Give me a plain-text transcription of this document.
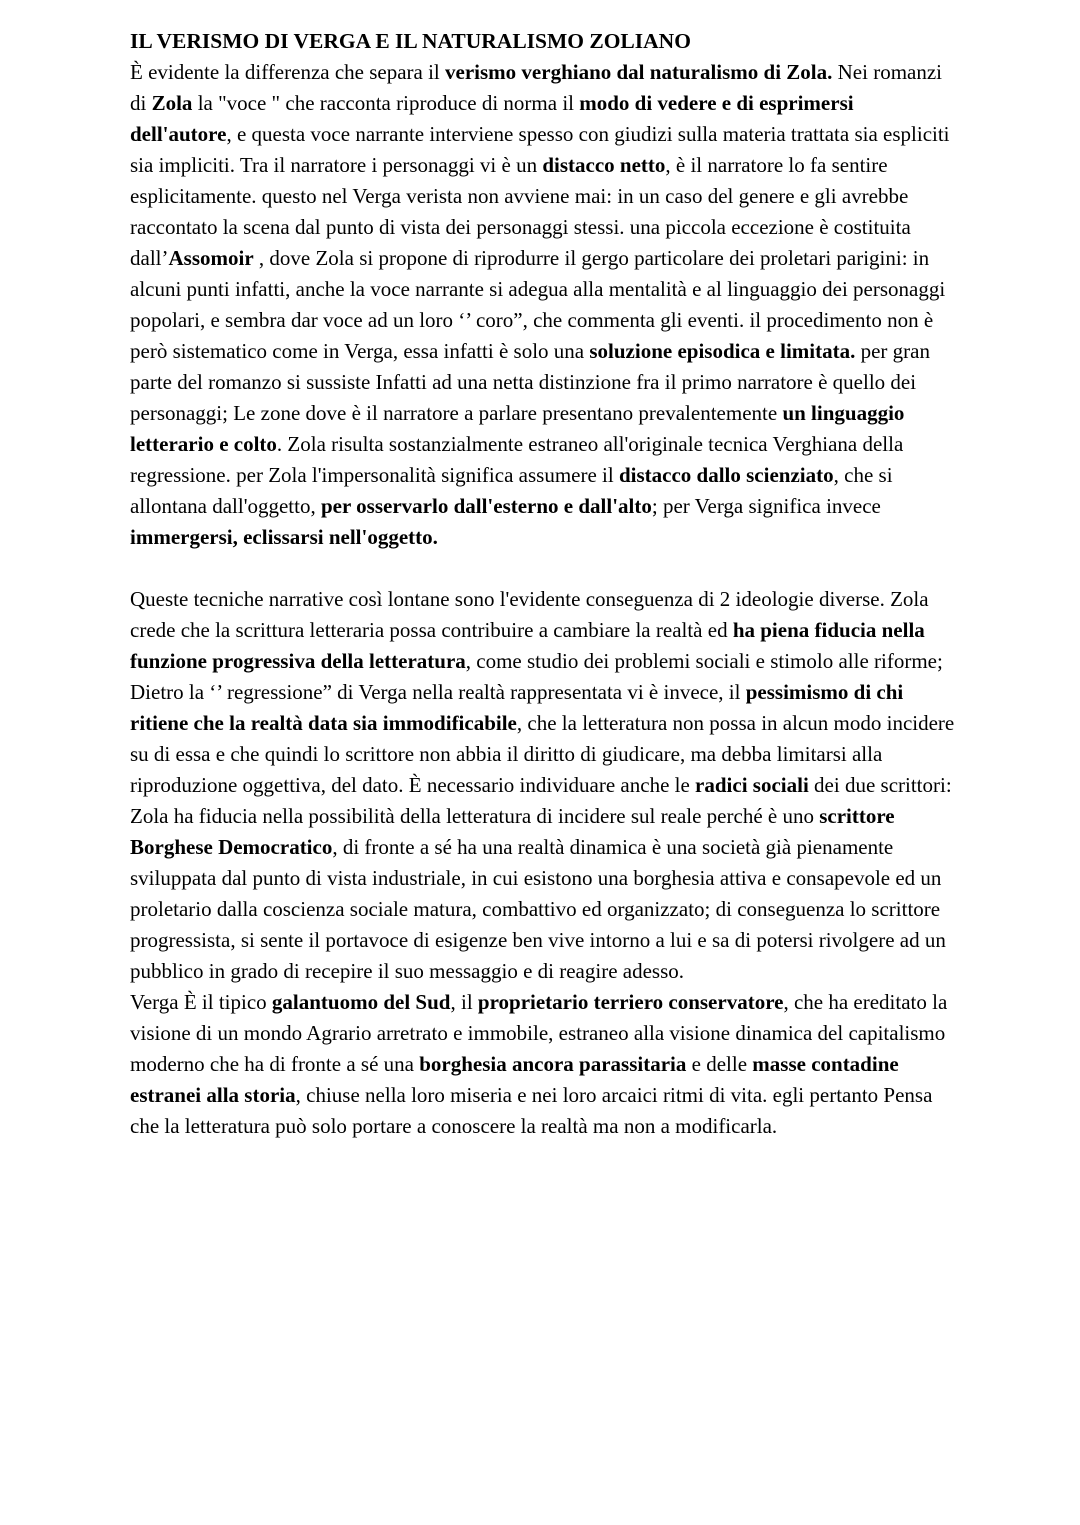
IL VERISMO DI VERGA E IL NATURALISMO ZOLIANO

È evidente la differenza che separa il verismo verghiano dal naturalismo di Zola. Nei romanzi di Zola la "voce " che racconta riproduce di norma il modo di vedere e di esprimersi dell'autore, e questa voce narrante interviene spesso con giudizi sulla materia trattata sia espliciti sia impliciti. Tra il narratore i personaggi vi è un distacco netto, è il narratore lo fa sentire esplicitamente. questo nel Verga verista non avviene mai: in un caso del genere e gli avrebbe raccontato la scena dal punto di vista dei personaggi stessi. una piccola eccezione è costituita dall’Assomoir , dove Zola si propone di riprodurre il gergo particolare dei proletari parigini: in alcuni punti infatti, anche la voce narrante si adegua alla mentalità e al linguaggio dei personaggi popolari, e sembra dar voce ad un loro ‘’ coro”, che commenta gli eventi. il procedimento non è però sistematico come in Verga, essa infatti è solo una soluzione episodica e limitata. per gran parte del romanzo si sussiste Infatti ad una netta distinzione fra il primo narratore è quello dei personaggi; Le zone dove è il narratore a parlare presentano prevalentemente un linguaggio letterario e colto. Zola risulta sostanzialmente estraneo all'originale tecnica Verghiana della regressione. per Zola l'impersonalità significa assumere il distacco dallo scienziato, che si allontana dall'oggetto, per osservarlo dall'esterno e dall'alto; per Verga significa invece immergersi, eclissarsi nell'oggetto.

Queste tecniche narrative così lontane sono l'evidente conseguenza di 2 ideologie diverse. Zola crede che la scrittura letteraria possa contribuire a cambiare la realtà ed ha piena fiducia nella funzione progressiva della letteratura, come studio dei problemi sociali e stimolo alle riforme; Dietro la ‘’ regressione” di Verga nella realtà rappresentata vi è invece, il pessimismo di chi ritiene che la realtà data sia immodificabile, che la letteratura non possa in alcun modo incidere su di essa e che quindi lo scrittore non abbia il diritto di giudicare, ma debba limitarsi alla riproduzione oggettiva, del dato. È necessario individuare anche le radici sociali dei due scrittori: Zola ha fiducia nella possibilità della letteratura di incidere sul reale perché è uno scrittore Borghese Democratico, di fronte a sé ha una realtà dinamica è una società già pienamente sviluppata dal punto di vista industriale, in cui esistono una borghesia attiva e consapevole ed un proletario dalla coscienza sociale matura, combattivo ed organizzato; di conseguenza lo scrittore progressista, si sente il portavoce di esigenze ben vive intorno a lui e sa di potersi rivolgere ad un pubblico in grado di recepire il suo messaggio e di reagire adesso.

Verga È il tipico galantuomo del Sud, il proprietario terriero conservatore, che ha ereditato la visione di un mondo Agrario arretrato e immobile, estraneo alla visione dinamica del capitalismo moderno che ha di fronte a sé una borghesia ancora parassitaria e delle masse contadine estranei alla storia, chiuse nella loro miseria e nei loro arcaici ritmi di vita. egli pertanto Pensa che la letteratura può solo portare a conoscere la realtà ma non a modificarla.
